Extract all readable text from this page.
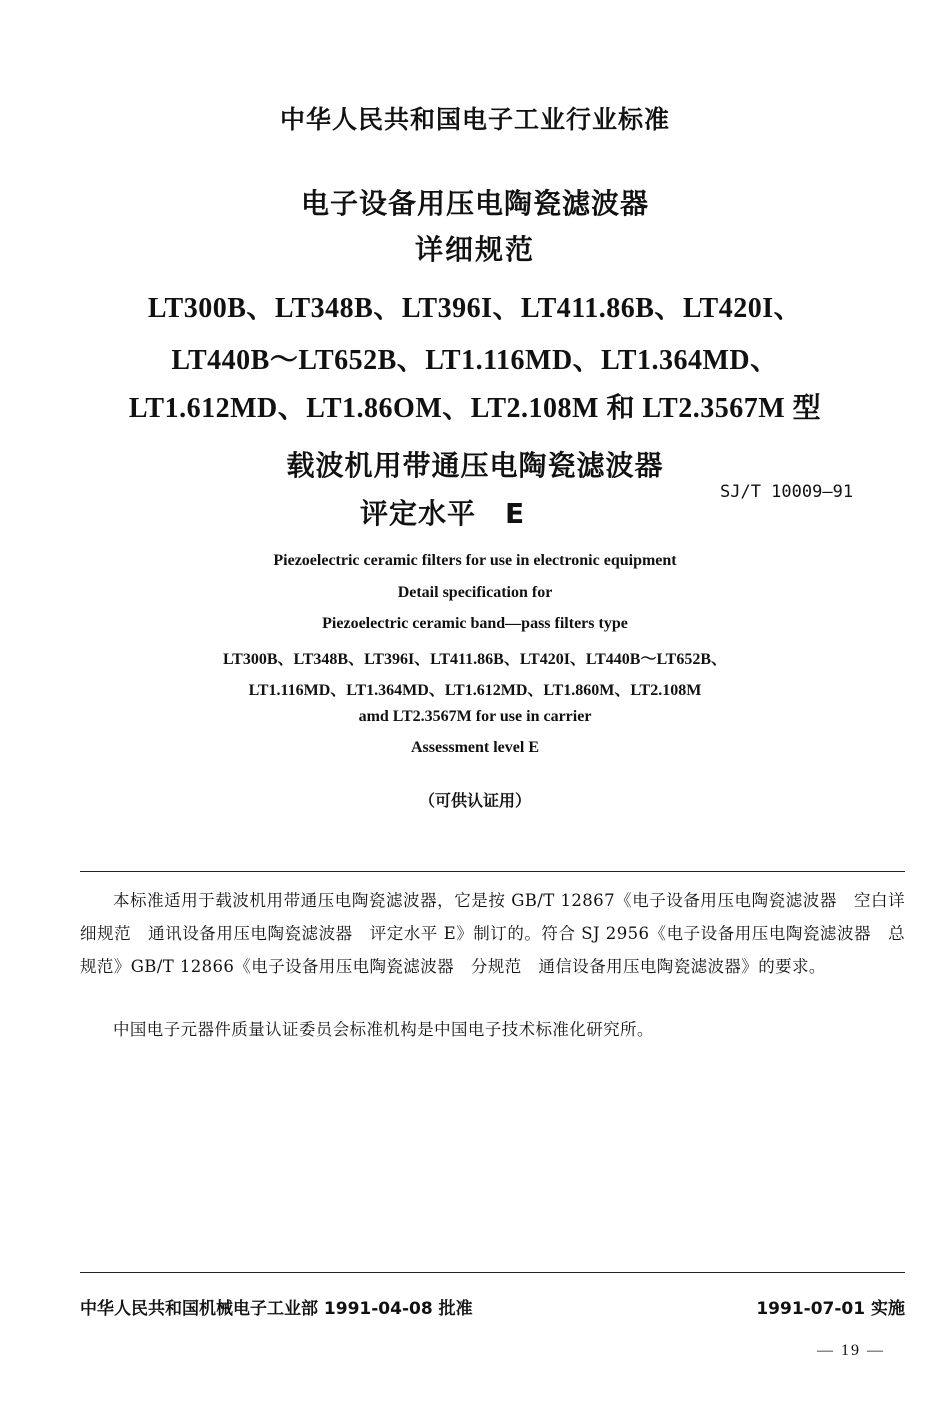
中华人民共和国电子工业行业标准
电子设备用压电陶瓷滤波器
详细规范
LT300B、LT348B、LT396I、LT411.86B、LT420I、
LT440B～LT652B、LT1.116MD、LT1.364MD、
LT1.612MD、LT1.86OM、LT2.108M 和 LT2.3567M 型
载波机用带通压电陶瓷滤波器
评定水平　E
SJ/T 10009—91
Piezoelectric ceramic filters for use in electronic equipment
Detail specification for
Piezoelectric ceramic band—pass filters type
LT300B、LT348B、LT396I、LT411.86B、LT420I、LT440B～LT652B、
LT1.116MD、LT1.364MD、LT1.612MD、LT1.860M、LT2.108M
amd LT2.3567M for use in carrier
Assessment level E
（可供认证用）
本标准适用于载波机用带通压电陶瓷滤波器，它是按 GB/T 12867《电子设备用压电陶瓷滤波器　空白详细规范　通讯设备用压电陶瓷滤波器　评定水平 E》制订的。符合 SJ 2956《电子设备用压电陶瓷滤波器　总规范》GB/T 12866《电子设备用压电陶瓷滤波器　分规范　通信设备用压电陶瓷滤波器》的要求。
中国电子元器件质量认证委员会标准机构是中国电子技术标准化研究所。
中华人民共和国机械电子工业部 1991-04-08 批准	1991-07-01 实施
— 19 —
